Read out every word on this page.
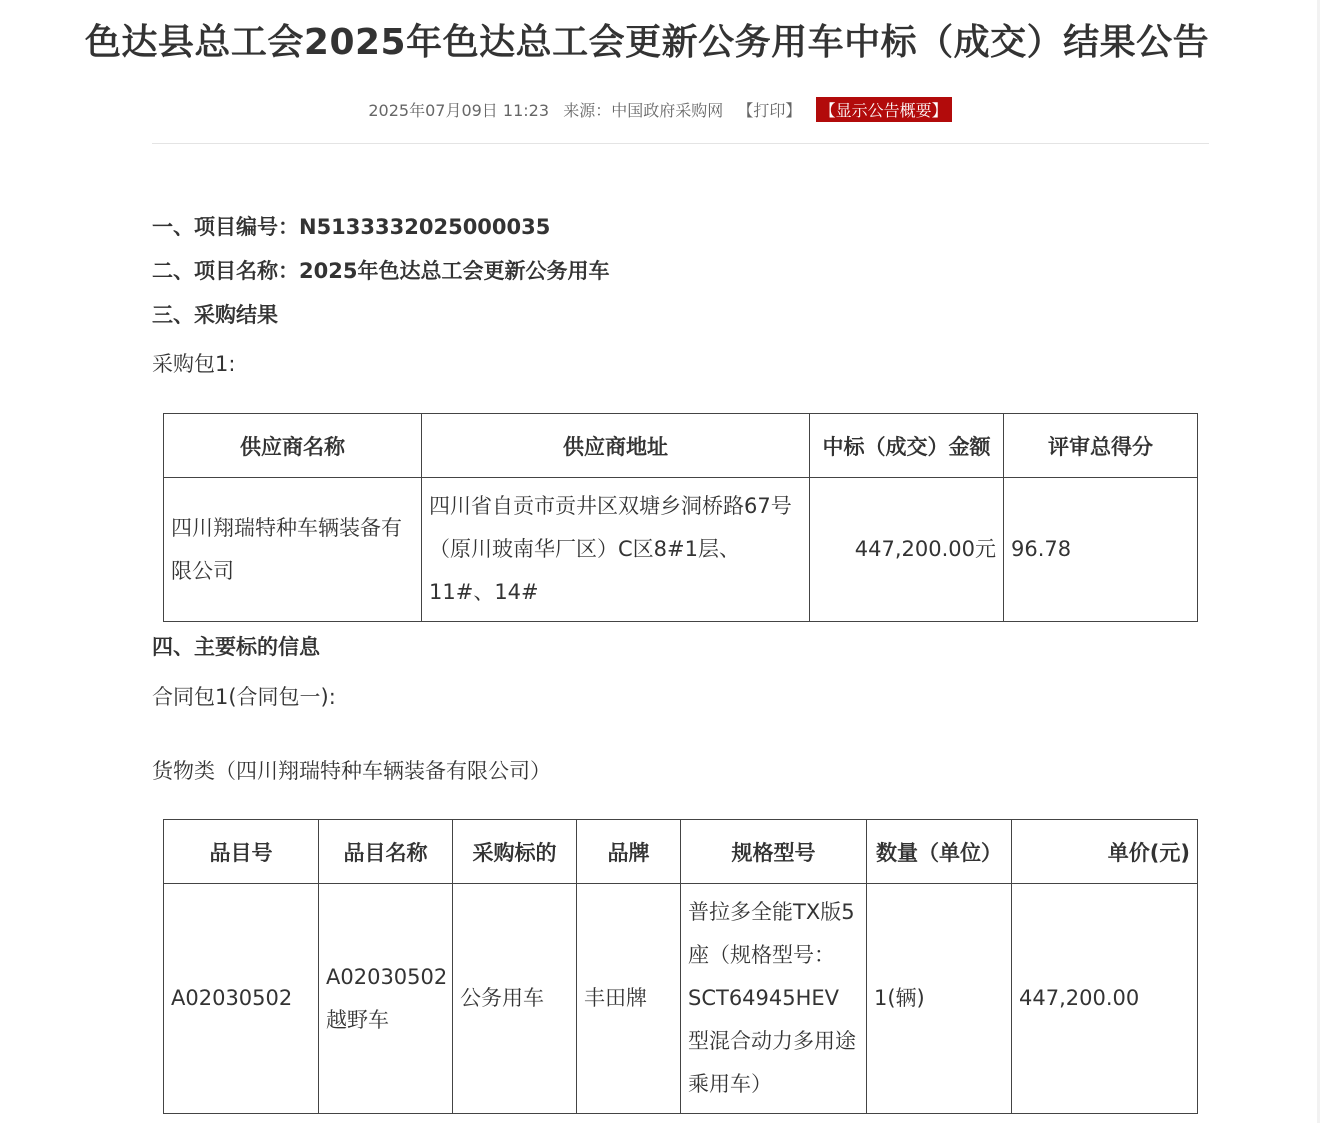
色达县总工会2025年色达总工会更新公务用车中标（成交）结果公告
2025年07月09日 11:23 来源：中国政府采购网 【打印】 【显示公告概要】
一、项目编号：N5133332025000035
二、项目名称：2025年色达总工会更新公务用车
三、采购结果
采购包1:
供应商名称	供应商地址	中标（成交）金额	评审总得分
四川翔瑞特种车辆装备有限公司	四川省自贡市贡井区双塘乡洞桥路67号（原川玻南华厂区）C区8#1层、11#、14#	447,200.00元	96.78
四、主要标的信息
合同包1(合同包一):
货物类（四川翔瑞特种车辆装备有限公司）
品目号	品目名称	采购标的	品牌	规格型号	数量（单位）	单价(元)
A02030502	A02030502越野车	公务用车	丰田牌	普拉多全能TX版5座（规格型号：SCT64945HEV型混合动力多用途乘用车）	1(辆)	447,200.00
